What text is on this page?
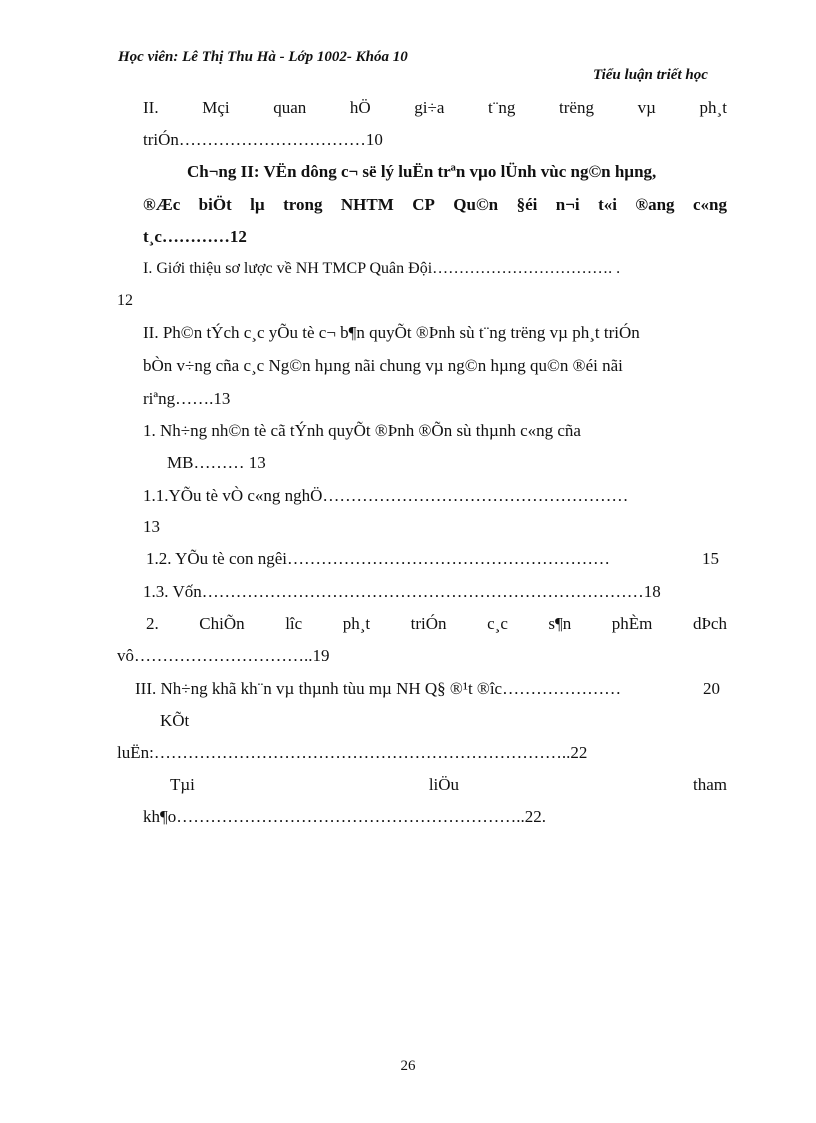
Học viên: Lê Thị Thu Hà - Lớp 1002- Khóa 10
Tiểu luận triết học
II.	Mçi	quan	hÖ	gi÷a	t¨ng	trëng	vµ	ph¸t
triÓn……………………………10
Ch¬ng II: VËn dông c¬ së lý luËn trªn vµo lÜnh vùc ng©n hµng,
®Æc biÖt lµ trong NHTM CP Qu©n §éi n¬i t«i ®ang c«ng
t¸c…………12
I. Giới thiệu sơ lược về NH TMCP Quân Đội……………………………. .
12
II. Ph©n tÝch c¸c yÕu tè c¬ b¶n quyÕt ®Þnh sù t¨ng trëng vµ ph¸t triÓn
bÒn v÷ng cña c¸c Ng©n hµng nãi chung vµ ng©n hµng qu©n ®éi nãi
riªng…….13
1. Nh÷ng nh©n tè cã tÝnh quyÕt ®Þnh ®Õn sù thµnh c«ng cña
MB……… 13
1.1.YÕu tè vÒ c«ng nghÖ………………………………………………
13
1.2. YÕu tè con ngêi…………………………………………………	15
1.3. Vốn……………………………………………………………………18
2. ChiÕn lîc ph¸t triÓn c¸c s¶n phÈm dÞch
vô…………………………..19
III. Nh÷ng khã kh¨n vµ thµnh tùu mµ NH Q§ ®¹t ®îc…………………	20
KÕt
luËn:………………………………………………………………..22
Tµi	liÖu	tham
kh¶o……………………………………………………..22.
26
